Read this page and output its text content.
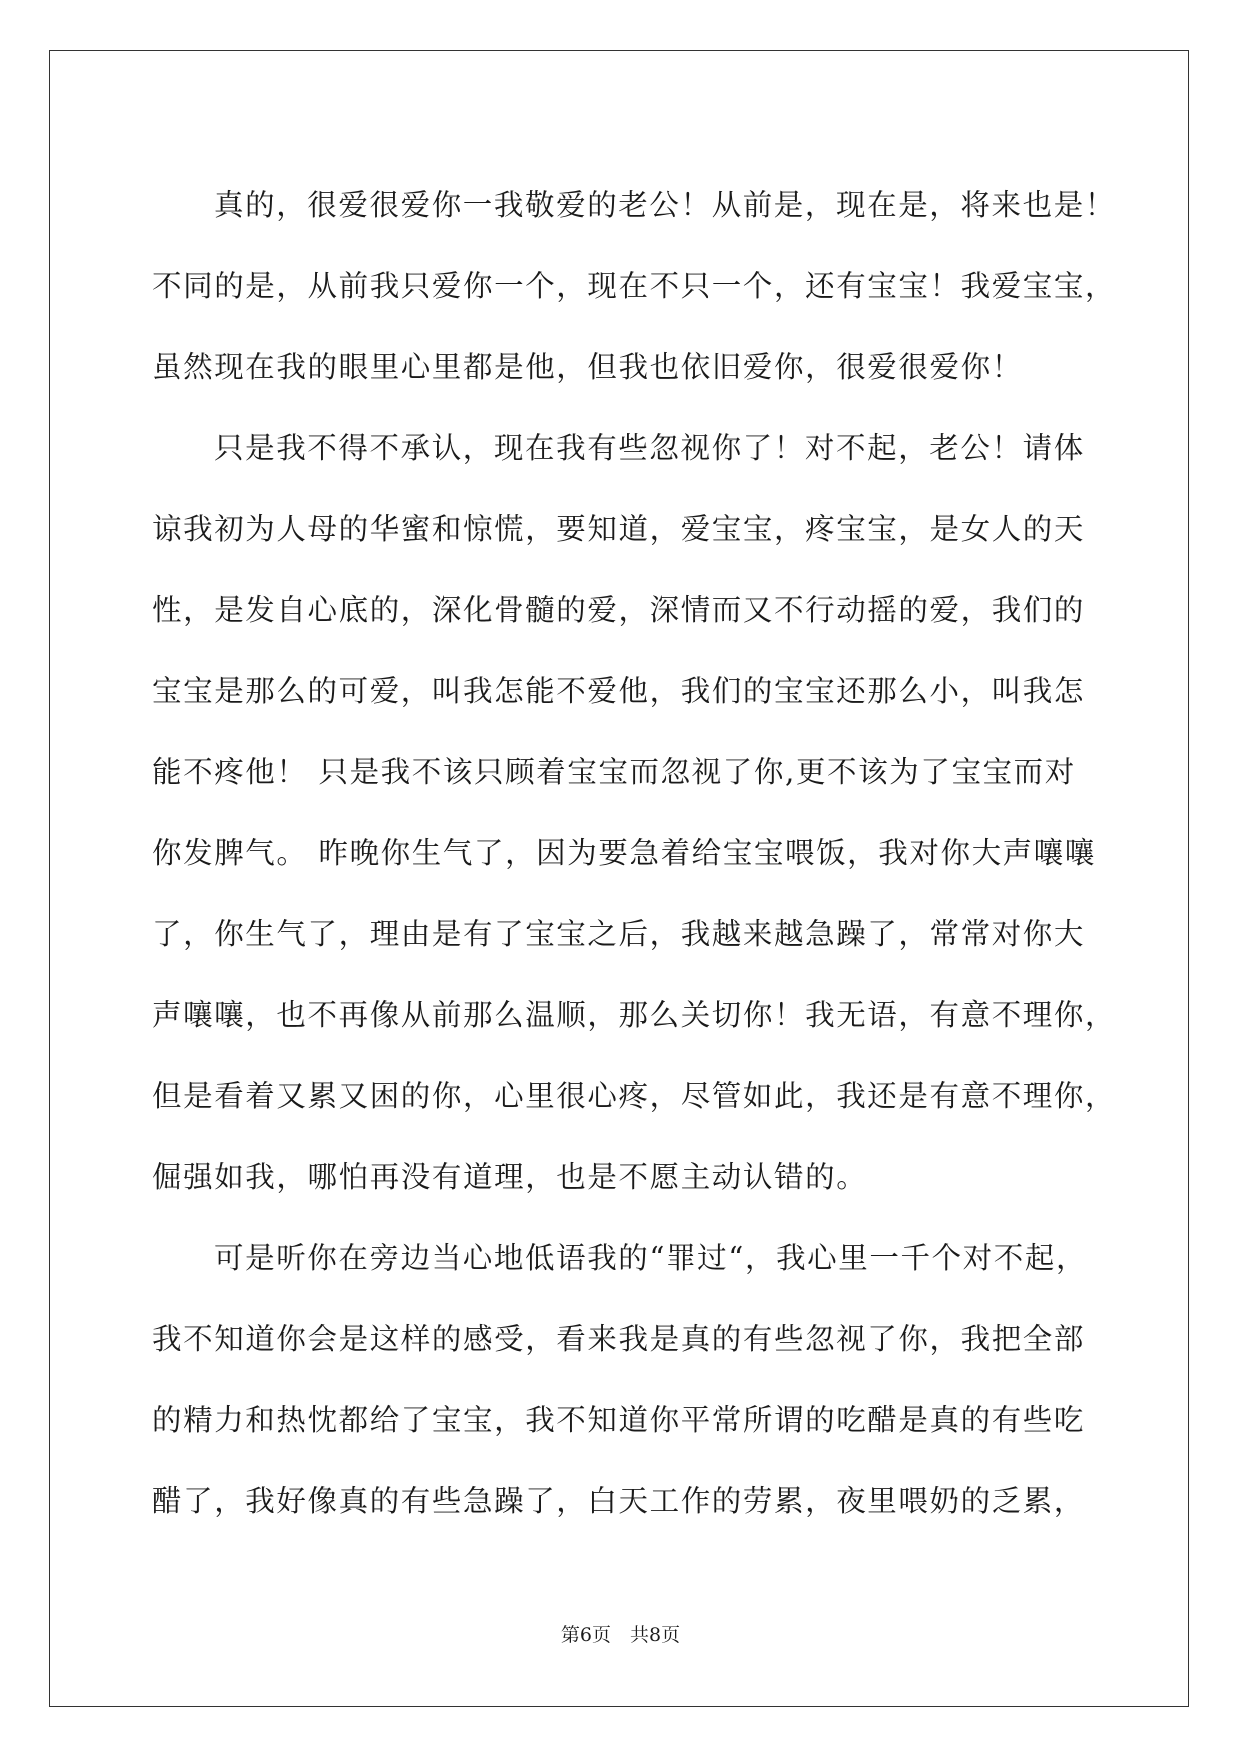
真的，很爱很爱你一我敬爱的老公！从前是，现在是，将来也是！
不同的是，从前我只爱你一个，现在不只一个，还有宝宝！我爱宝宝，
虽然现在我的眼里心里都是他，但我也依旧爱你，很爱很爱你！
只是我不得不承认，现在我有些忽视你了！对不起，老公！请体
谅我初为人母的华蜜和惊慌，要知道，爱宝宝，疼宝宝，是女人的天
性，是发自心底的，深化骨髓的爱，深情而又不行动摇的爱，我们的
宝宝是那么的可爱，叫我怎能不爱他，我们的宝宝还那么小，叫我怎
能不疼他！ 只是我不该只顾着宝宝而忽视了你,更不该为了宝宝而对
你发脾气。 昨晚你生气了，因为要急着给宝宝喂饭，我对你大声嚷嚷
了，你生气了，理由是有了宝宝之后，我越来越急躁了，常常对你大
声嚷嚷，也不再像从前那么温顺，那么关切你！我无语，有意不理你，
但是看着又累又困的你，心里很心疼，尽管如此，我还是有意不理你，
倔强如我，哪怕再没有道理，也是不愿主动认错的。
可是听你在旁边当心地低语我的“罪过“，我心里一千个对不起，
我不知道你会是这样的感受，看来我是真的有些忽视了你，我把全部
的精力和热忱都给了宝宝，我不知道你平常所谓的吃醋是真的有些吃
醋了，我好像真的有些急躁了，白天工作的劳累，夜里喂奶的乏累，
第6页　共8页
